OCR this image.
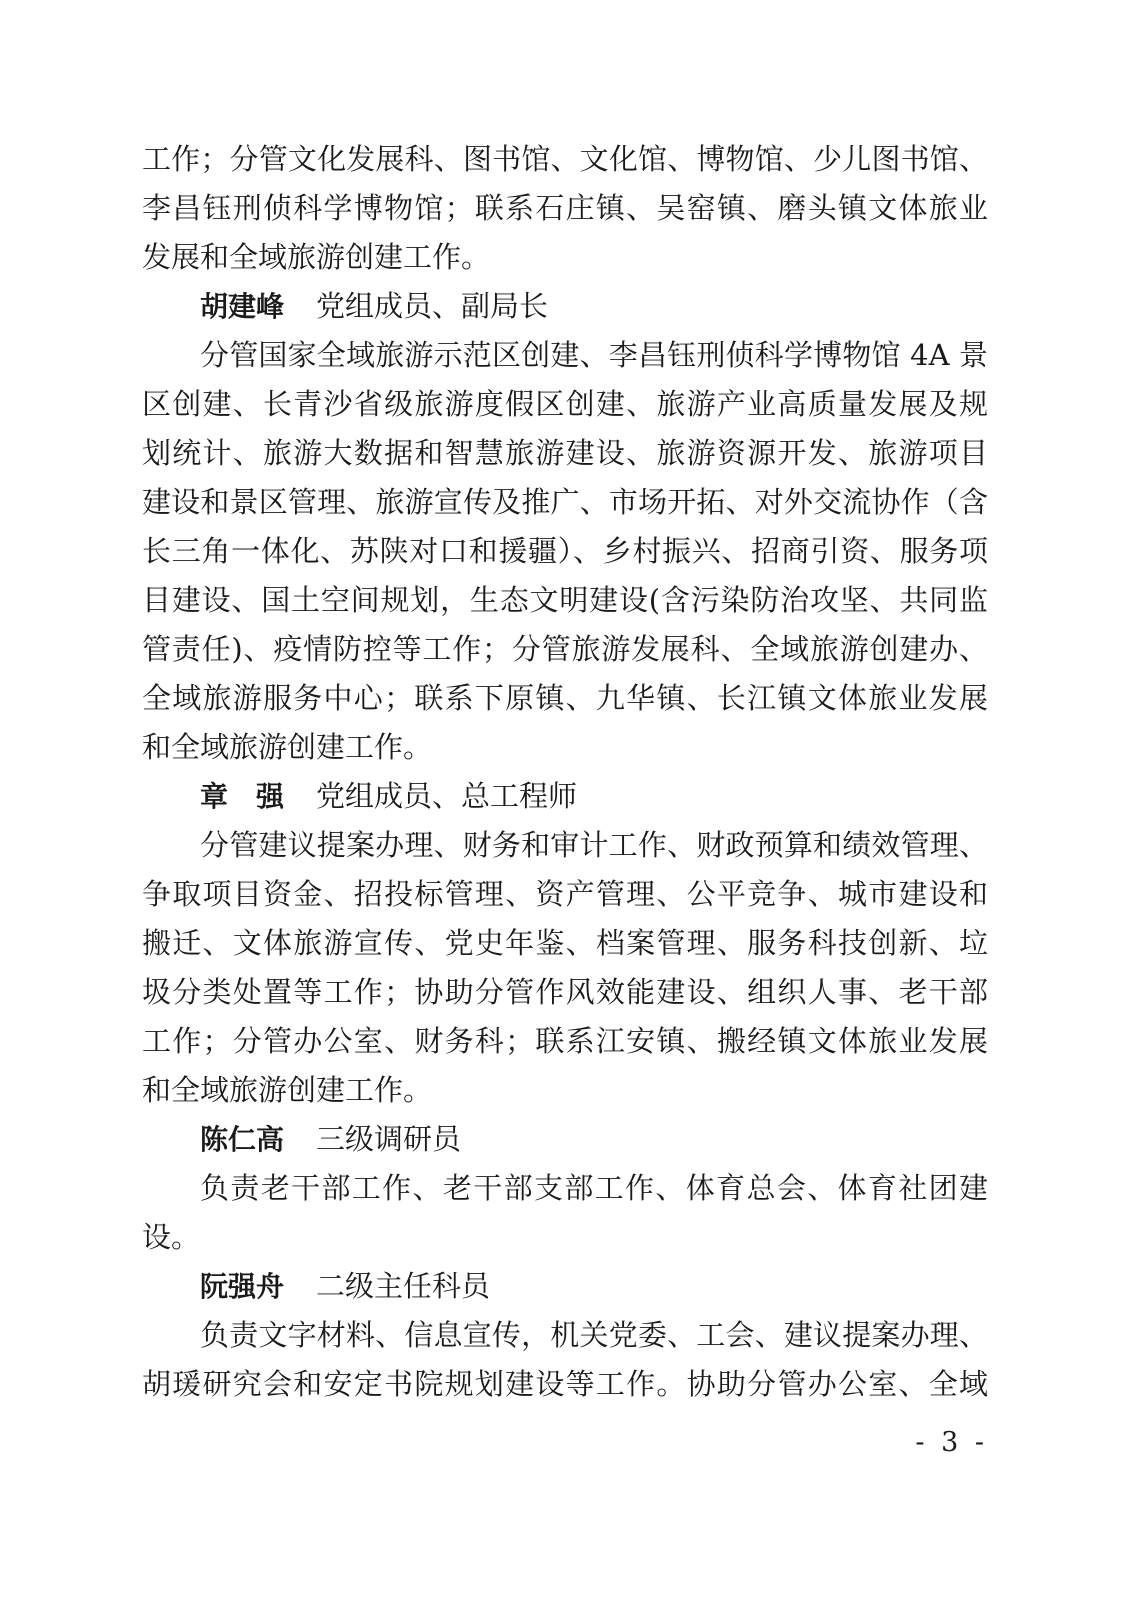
工作；分管文化发展科、图书馆、文化馆、博物馆、少儿图书馆、
李昌钰刑侦科学博物馆；联系石庄镇、吴窑镇、磨头镇文体旅业
发展和全域旅游创建工作。
胡建峰 党组成员、副局长
分管国家全域旅游示范区创建、李昌钰刑侦科学博物馆 4A 景
区创建、长青沙省级旅游度假区创建、旅游产业高质量发展及规
划统计、旅游大数据和智慧旅游建设、旅游资源开发、旅游项目
建设和景区管理、旅游宣传及推广、市场开拓、对外交流协作（含
长三角一体化、苏陕对口和援疆）、乡村振兴、招商引资、服务项
目建设、国土空间规划，生态文明建设(含污染防治攻坚、共同监
管责任)、疫情防控等工作；分管旅游发展科、全域旅游创建办、
全域旅游服务中心；联系下原镇、九华镇、长江镇文体旅业发展
和全域旅游创建工作。
章　强 党组成员、总工程师
分管建议提案办理、财务和审计工作、财政预算和绩效管理、
争取项目资金、招投标管理、资产管理、公平竞争、城市建设和
搬迁、文体旅游宣传、党史年鉴、档案管理、服务科技创新、垃
圾分类处置等工作；协助分管作风效能建设、组织人事、老干部
工作；分管办公室、财务科；联系江安镇、搬经镇文体旅业发展
和全域旅游创建工作。
陈仁高 三级调研员
负责老干部工作、老干部支部工作、体育总会、体育社团建
设。
阮强舟 二级主任科员
负责文字材料、信息宣传，机关党委、工会、建议提案办理、
胡瑗研究会和安定书院规划建设等工作。协助分管办公室、全域
- 3 -
